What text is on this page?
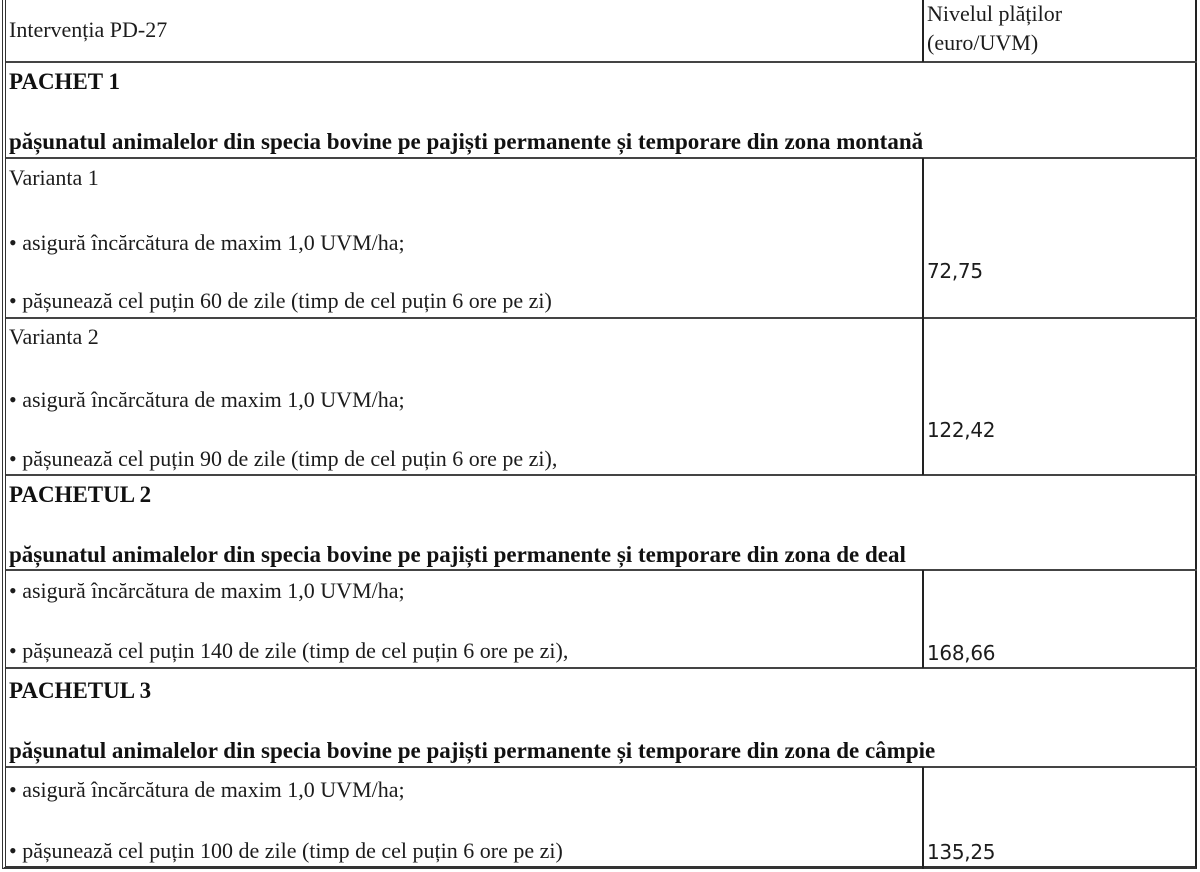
Intervenția PD-27
Nivelul plăților
(euro/UVM)
PACHET 1
pășunatul animalelor din specia bovine pe pajiști permanente și temporare din zona montană
Varianta 1
• asigură încărcătura de maxim 1,0 UVM/ha;
• pășunează cel puțin 60 de zile (timp de cel puțin 6 ore pe zi)
72,75
Varianta 2
• asigură încărcătura de maxim 1,0 UVM/ha;
• pășunează cel puțin 90 de zile (timp de cel puțin 6 ore pe zi),
122,42
PACHETUL 2
pășunatul animalelor din specia bovine pe pajiști permanente și temporare din zona de deal
• asigură încărcătura de maxim 1,0 UVM/ha;
• pășunează cel puțin 140 de zile (timp de cel puțin 6 ore pe zi),	168,66
PACHETUL 3
pășunatul animalelor din specia bovine pe pajiști permanente și temporare din zona de câmpie
• asigură încărcătura de maxim 1,0 UVM/ha;
• pășunează cel puțin 100 de zile (timp de cel puțin 6 ore pe zi)	135,25
